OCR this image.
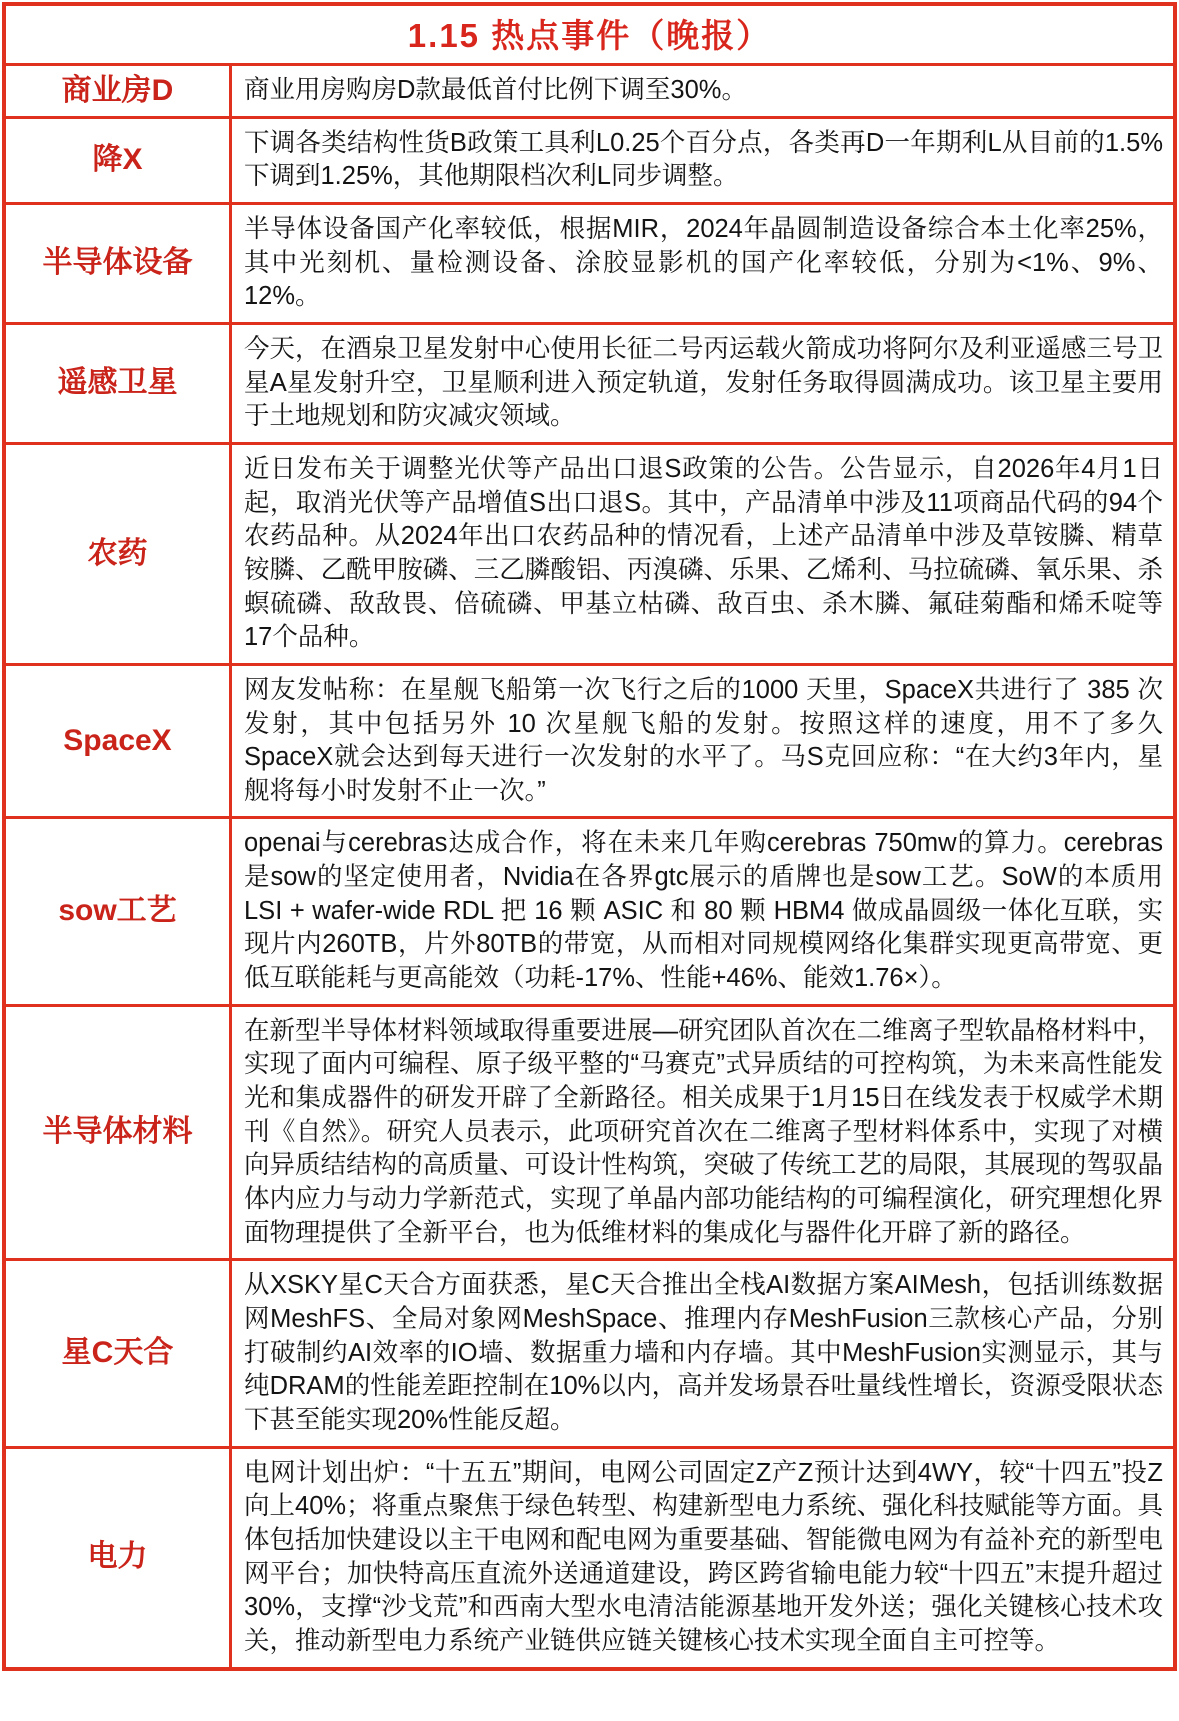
1.15 热点事件（晚报）
商业房D	商业用房购房D款最低首付比例下调至30%。
降X
下调各类结构性货B政策工具利L0.25个百分点，各类再D一年期利L从目前的1.5%下调到1.25%，其他期限档次利L同步调整。
半导体设备
半导体设备国产化率较低，根据MIR，2024年晶圆制造设备综合本土化率25%，其中光刻机、量检测设备、涂胶显影机的国产化率较低，分别为<1%、9%、12%。
遥感卫星
今天，在酒泉卫星发射中心使用长征二号丙运载火箭成功将阿尔及利亚遥感三号卫星A星发射升空，卫星顺利进入预定轨道，发射任务取得圆满成功。该卫星主要用于土地规划和防灾减灾领域。
农药
近日发布关于调整光伏等产品出口退S政策的公告。公告显示，自2026年4月1日起，取消光伏等产品增值S出口退S。其中，产品清单中涉及11项商品代码的94个农药品种。从2024年出口农药品种的情况看，上述产品清单中涉及草铵膦、精草铵膦、乙酰甲胺磷、三乙膦酸铝、丙溴磷、乐果、乙烯利、马拉硫磷、氧乐果、杀螟硫磷、敌敌畏、倍硫磷、甲基立枯磷、敌百虫、杀木膦、氟硅菊酯和烯禾啶等17个品种。
SpaceX
网友发帖称：在星舰飞船第一次飞行之后的1000 天里，SpaceX共进行了 385 次发射，其中包括另外 10 次星舰飞船的发射。按照这样的速度，用不了多久SpaceX就会达到每天进行一次发射的水平了。马S克回应称：“在大约3年内，星舰将每小时发射不止一次。”
sow工艺
openai与cerebras达成合作，将在未来几年购cerebras 750mw的算力。cerebras是sow的坚定使用者，Nvidia在各界gtc展示的盾牌也是sow工艺。SoW的本质用 LSI + wafer-wide RDL 把 16 颗 ASIC 和 80 颗 HBM4 做成晶圆级一体化互联，实现片内260TB，片外80TB的带宽，从而相对同规模网络化集群实现更高带宽、更低互联能耗与更高能效（功耗-17%、性能+46%、能效1.76×）。
半导体材料
在新型半导体材料领域取得重要进展—研究团队首次在二维离子型软晶格材料中，实现了面内可编程、原子级平整的“马赛克”式异质结的可控构筑，为未来高性能发光和集成器件的研发开辟了全新路径。相关成果于1月15日在线发表于权威学术期刊《自然》。研究人员表示，此项研究首次在二维离子型材料体系中，实现了对横向异质结结构的高质量、可设计性构筑，突破了传统工艺的局限，其展现的驾驭晶体内应力与动力学新范式，实现了单晶内部功能结构的可编程演化，研究理想化界面物理提供了全新平台，也为低维材料的集成化与器件化开辟了新的路径。
星C天合
从XSKY星C天合方面获悉，星C天合推出全栈AI数据方案AIMesh，包括训练数据网MeshFS、全局对象网MeshSpace、推理内存MeshFusion三款核心产品，分别打破制约AI效率的IO墙、数据重力墙和内存墙。其中MeshFusion实测显示，其与纯DRAM的性能差距控制在10%以内，高并发场景吞吐量线性增长，资源受限状态下甚至能实现20%性能反超。
电力
电网计划出炉：“十五五”期间，电网公司固定Z产Z预计达到4WY，较“十四五”投Z向上40%；将重点聚焦于绿色转型、构建新型电力系统、强化科技赋能等方面。具体包括加快建设以主干电网和配电网为重要基础、智能微电网为有益补充的新型电网平台；加快特高压直流外送通道建设，跨区跨省输电能力较“十四五”末提升超过30%，支撑“沙戈荒”和西南大型水电清洁能源基地开发外送；强化关键核心技术攻关，推动新型电力系统产业链供应链关键核心技术实现全面自主可控等。
